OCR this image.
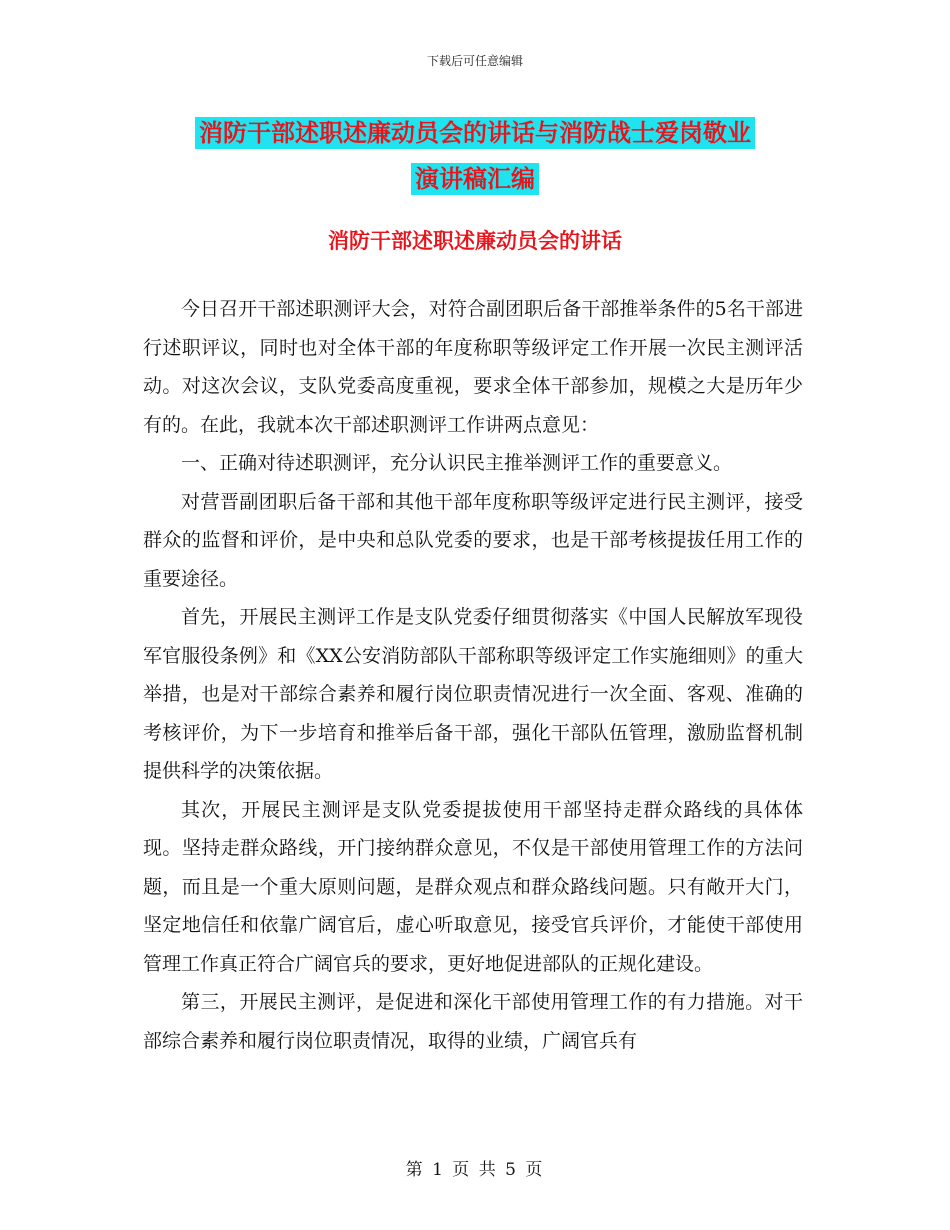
下载后可任意编辑
消防干部述职述廉动员会的讲话与消防战士爱岗敬业
演讲稿汇编
消防干部述职述廉动员会的讲话

今日召开干部述职测评大会，对符合副团职后备干部推举条件的5名干部进行述职评议，同时也对全体干部的年度称职等级评定工作开展一次民主测评活动。对这次会议，支队党委高度重视，要求全体干部参加，规模之大是历年少有的。在此，我就本次干部述职测评工作讲两点意见：

一、正确对待述职测评，充分认识民主推举测评工作的重要意义。

对营晋副团职后备干部和其他干部年度称职等级评定进行民主测评，接受群众的监督和评价，是中央和总队党委的要求，也是干部考核提拔任用工作的重要途径。

首先，开展民主测评工作是支队党委仔细贯彻落实《中国人民解放军现役军官服役条例》和《XX公安消防部队干部称职等级评定工作实施细则》的重大举措，也是对干部综合素养和履行岗位职责情况进行一次全面、客观、准确的考核评价，为下一步培育和推举后备干部，强化干部队伍管理，激励监督机制提供科学的决策依据。

其次，开展民主测评是支队党委提拔使用干部坚持走群众路线的具体体现。坚持走群众路线，开门接纳群众意见，不仅是干部使用管理工作的方法问题，而且是一个重大原则问题，是群众观点和群众路线问题。只有敞开大门，坚定地信任和依靠广阔官后，虚心听取意见，接受官兵评价，才能使干部使用管理工作真正符合广阔官兵的要求，更好地促进部队的正规化建设。

第三，开展民主测评，是促进和深化干部使用管理工作的有力措施。对干部综合素养和履行岗位职责情况，取得的业绩，广阔官兵有

第 1 页 共 5 页
